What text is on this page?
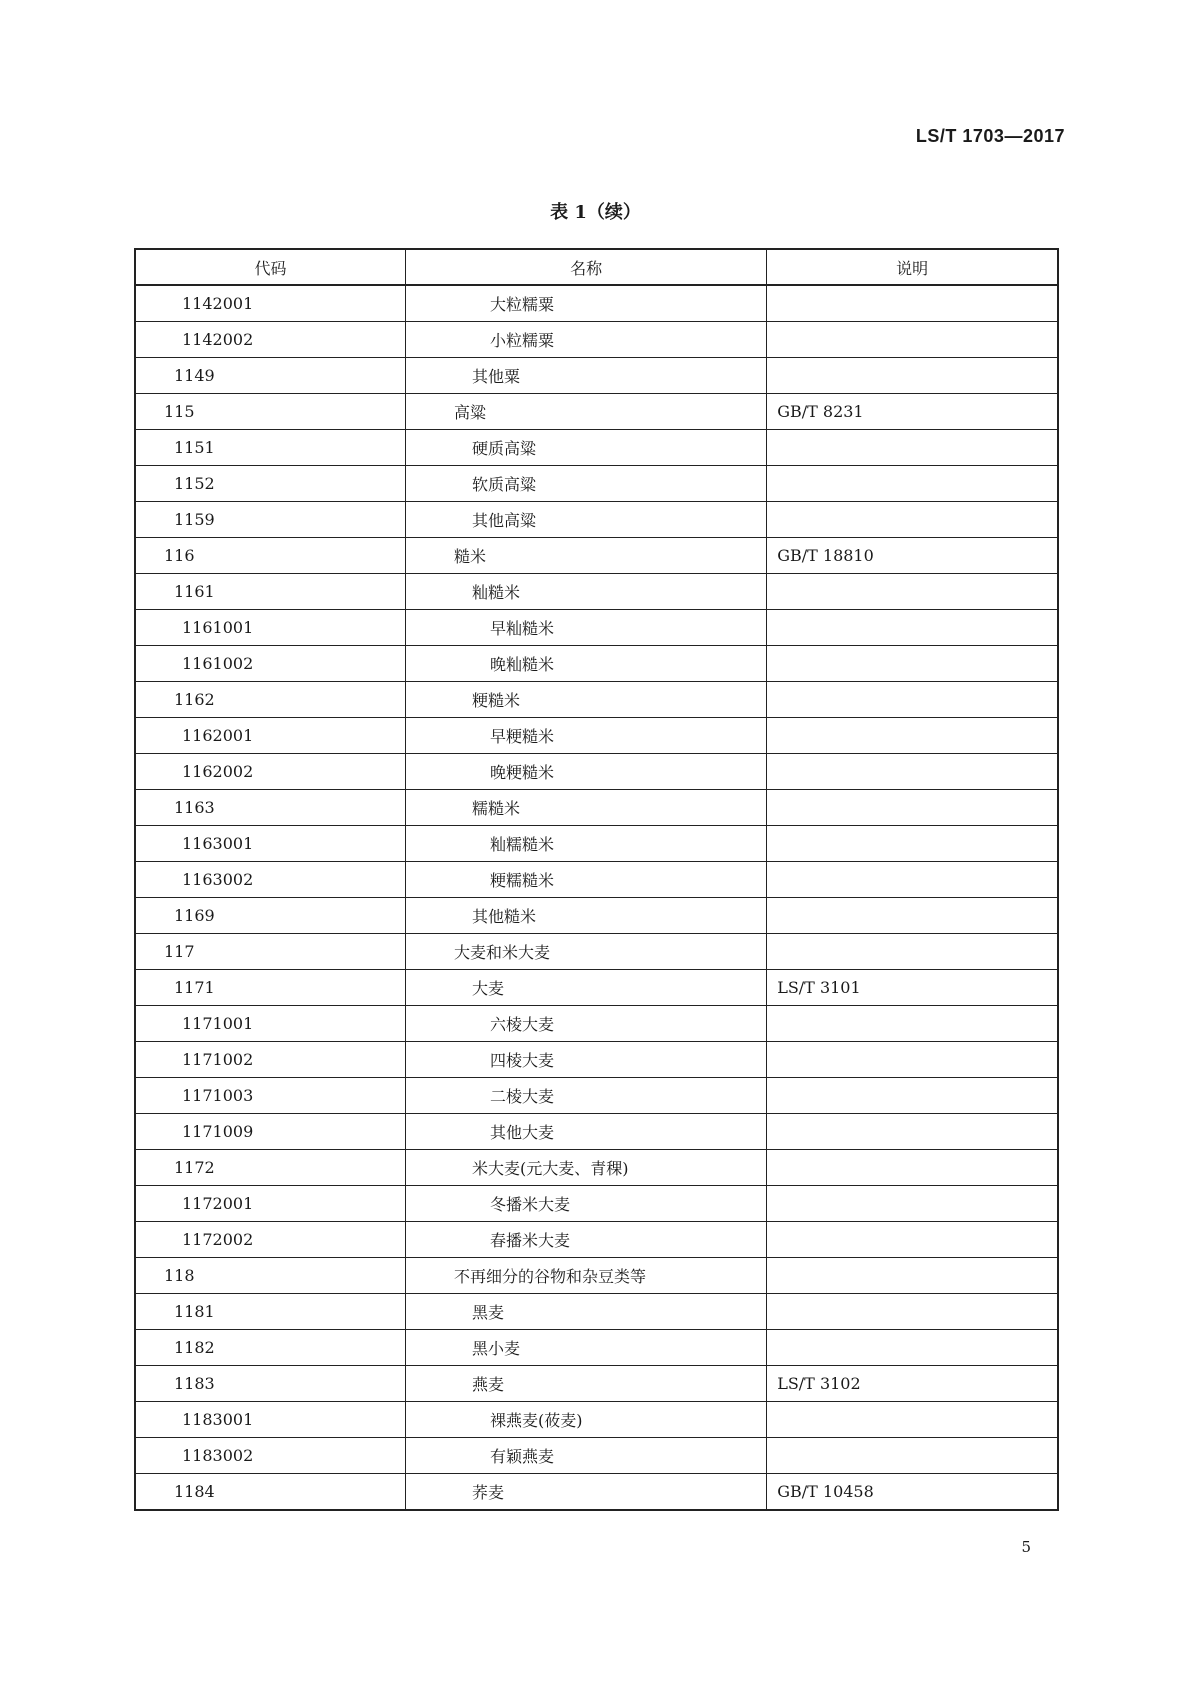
LS/T 1703—2017
表 1（续）
代码	名称	说明
1142001	大粒糯粟	
1142002	小粒糯粟	
1149	其他粟	
115	高粱	GB/T 8231
1151	硬质高粱	
1152	软质高粱	
1159	其他高粱	
116	糙米	GB/T 18810
1161	籼糙米	
1161001	早籼糙米	
1161002	晚籼糙米	
1162	粳糙米	
1162001	早粳糙米	
1162002	晚粳糙米	
1163	糯糙米	
1163001	籼糯糙米	
1163002	粳糯糙米	
1169	其他糙米	
117	大麦和米大麦	
1171	大麦	LS/T 3101
1171001	六棱大麦	
1171002	四棱大麦	
1171003	二棱大麦	
1171009	其他大麦	
1172	米大麦(元大麦、青稞)	
1172001	冬播米大麦	
1172002	春播米大麦	
118	不再细分的谷物和杂豆类等	
1181	黑麦	
1182	黑小麦	
1183	燕麦	LS/T 3102
1183001	裸燕麦(莜麦)	
1183002	有颖燕麦	
1184	荞麦	GB/T 10458
5
